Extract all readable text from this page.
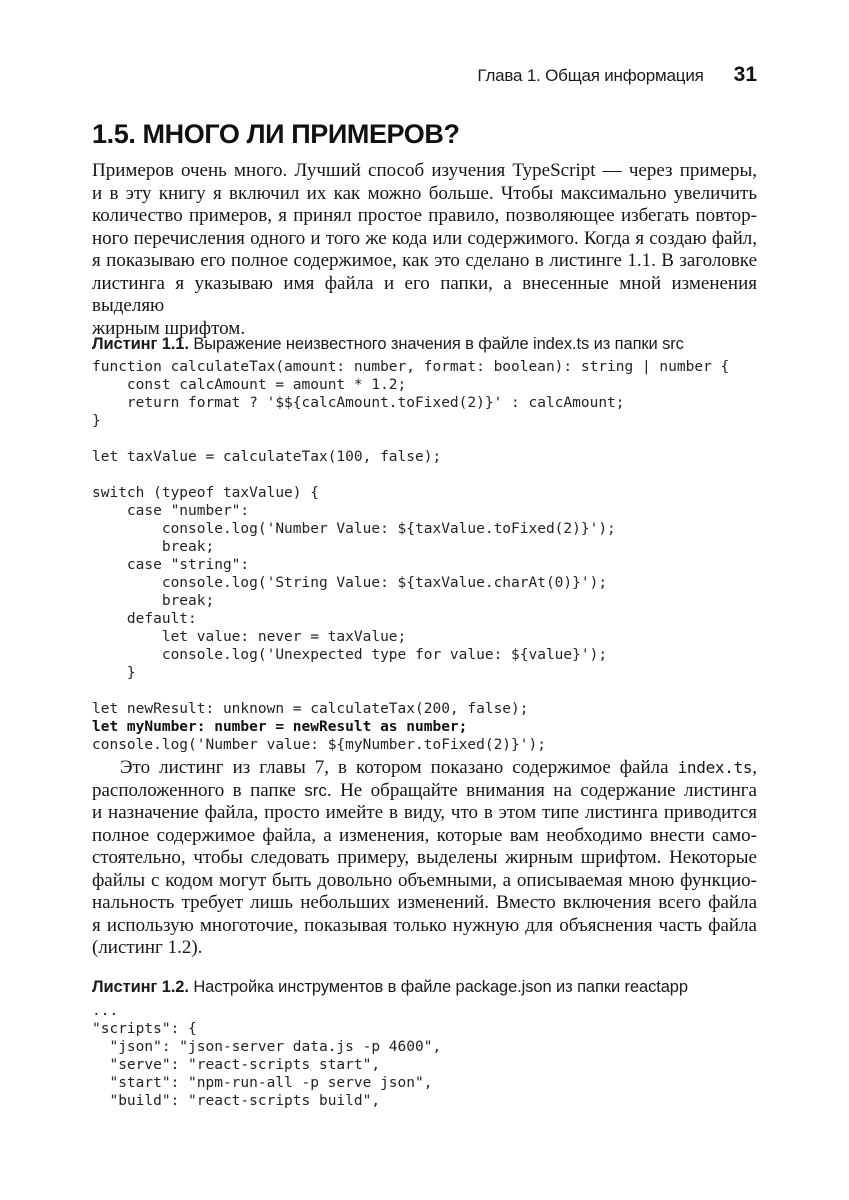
Глава 1. Общая информация 31
1.5. МНОГО ЛИ ПРИМЕРОВ?
Примеров очень много. Лучший способ изучения TypeScript — через примеры,
и в эту книгу я включил их как можно больше. Чтобы максимально увеличить
количество примеров, я принял простое правило, позволяющее избегать повтор-
ного перечисления одного и того же кода или содержимого. Когда я создаю файл,
я показываю его полное содержимое, как это сделано в листинге 1.1. В заголовке
листинга я указываю имя файла и его папки, а внесенные мной изменения выделяю
жирным шрифтом.

Листинг 1.1. Выражение неизвестного значения в файле index.ts из папки src

function calculateTax(amount: number, format: boolean): string | number {
const calcAmount = amount * 1.2;
return format ? '$${calcAmount.toFixed(2)}' : calcAmount;
}

let taxValue = calculateTax(100, false);

switch (typeof taxValue) {
case "number":
console.log('Number Value: ${taxValue.toFixed(2)}');
break;
case "string":
console.log('String Value: ${taxValue.charAt(0)}');
break;
default:
let value: never = taxValue;
console.log('Unexpected type for value: ${value}');
}

let newResult: unknown = calculateTax(200, false);
let myNumber: number = newResult as number;
console.log('Number value: ${myNumber.toFixed(2)}');
Это листинг из главы 7, в котором показано содержимое файла index.ts,
расположенного в папке src. Не обращайте внимания на содержание листинга
и назначение файла, просто имейте в виду, что в этом типе листинга приводится
полное содержимое файла, а изменения, которые вам необходимо внести само-
стоятельно, чтобы следовать примеру, выделены жирным шрифтом. Некоторые
файлы с кодом могут быть довольно объемными, а описываемая мною функцио-
нальность требует лишь небольших изменений. Вместо включения всего файла
я использую многоточие, показывая только нужную для объяснения часть файла
(листинг 1.2).

Листинг 1.2. Настройка инструментов в файле package.json из папки reactapp

...
"scripts": {
"json": "json-server data.js -p 4600",
"serve": "react-scripts start",
"start": "npm-run-all -p serve json",
"build": "react-scripts build",
